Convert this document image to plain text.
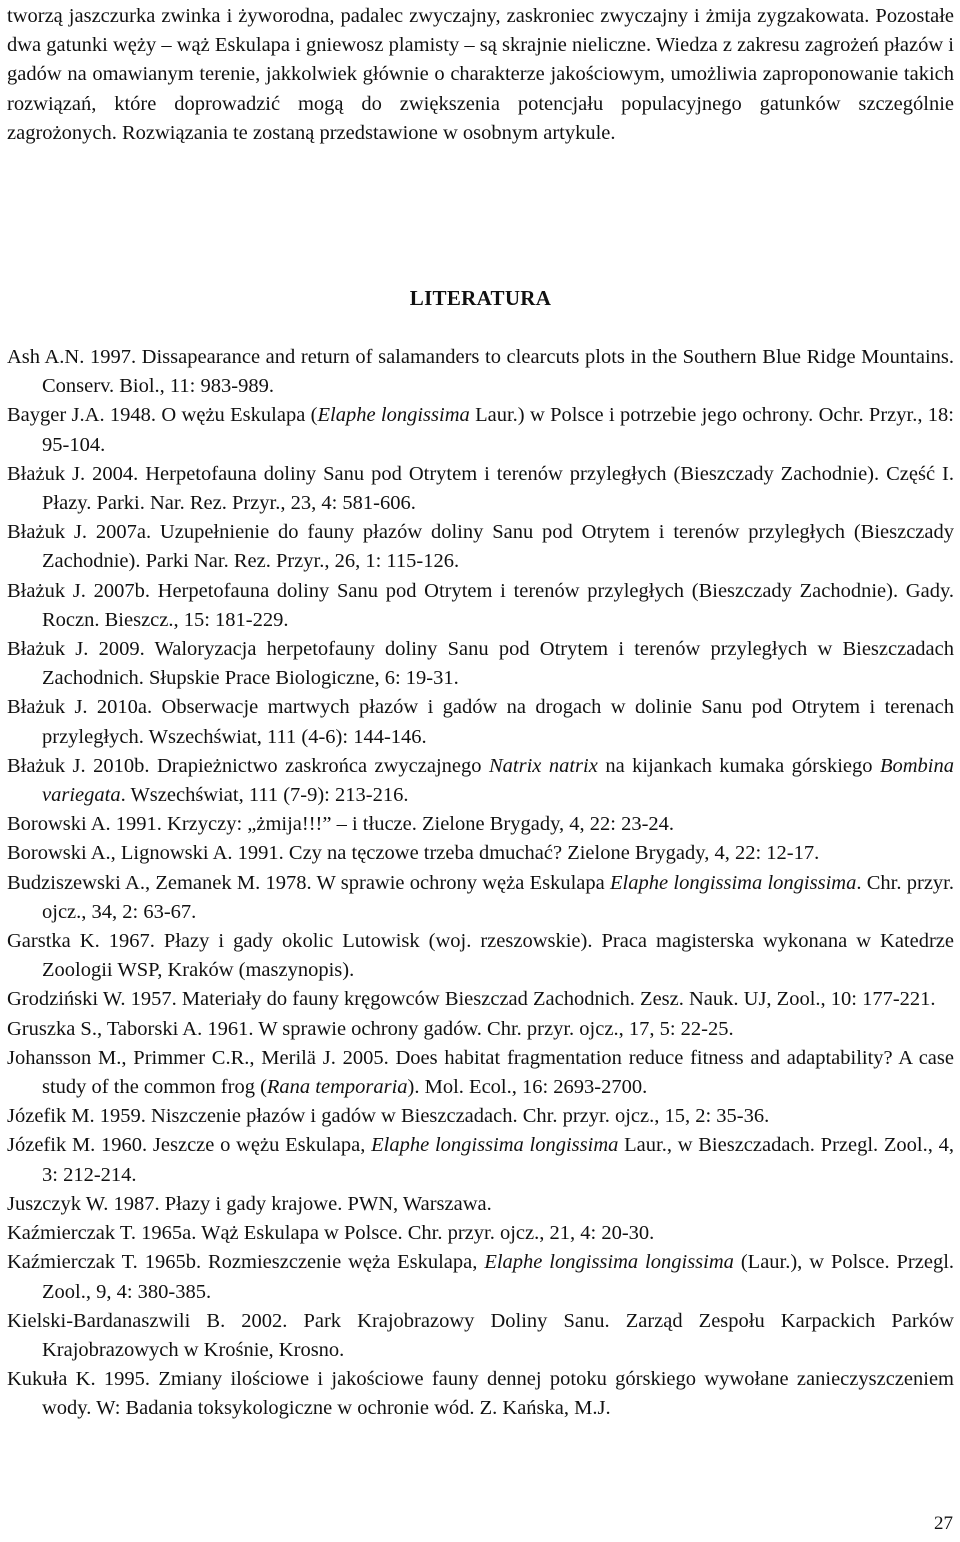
tworzą jaszczurka zwinka i żyworodna, padalec zwyczajny, zaskroniec zwyczajny i żmija zygzakowata. Pozostałe dwa gatunki węży – wąż Eskulapa i gniewosz plamisty – są skrajnie nieliczne. Wiedza z zakresu zagrożeń płazów i gadów na omawianym terenie, jakkolwiek głównie o charakterze jakościowym, umożliwia zaproponowanie takich rozwiązań, które doprowadzić mogą do zwiększenia potencjału populacyjnego gatunków szczególnie zagrożonych. Rozwiązania te zostaną przedstawione w osobnym artykule.

LITERATURA
Ash A.N. 1997. Dissapearance and return of salamanders to clearcuts plots in the Southern Blue Ridge Mountains. Conserv. Biol., 11: 983-989.
Bayger J.A. 1948. O wężu Eskulapa (Elaphe longissima Laur.) w Polsce i potrzebie jego ochrony. Ochr. Przyr., 18: 95-104.
Błażuk J. 2004. Herpetofauna doliny Sanu pod Otrytem i terenów przyległych (Bieszczady Zachodnie). Część I. Płazy. Parki. Nar. Rez. Przyr., 23, 4: 581-606.
Błażuk J. 2007a. Uzupełnienie do fauny płazów doliny Sanu pod Otrytem i terenów przyległych (Bieszczady Zachodnie). Parki Nar. Rez. Przyr., 26, 1: 115-126.
Błażuk J. 2007b. Herpetofauna doliny Sanu pod Otrytem i terenów przyległych (Bieszczady Zachodnie). Gady. Roczn. Bieszcz., 15: 181-229.
Błażuk J. 2009. Waloryzacja herpetofauny doliny Sanu pod Otrytem i terenów przyległych w Bieszczadach Zachodnich. Słupskie Prace Biologiczne, 6: 19-31.
Błażuk J. 2010a. Obserwacje martwych płazów i gadów na drogach w dolinie Sanu pod Otrytem i terenach przyległych. Wszechświat, 111 (4-6): 144-146.
Błażuk J. 2010b. Drapieżnictwo zaskrońca zwyczajnego Natrix natrix na kijankach kumaka górskiego Bombina variegata. Wszechświat, 111 (7-9): 213-216.
Borowski A. 1991. Krzyczy: „żmija!!!” – i tłucze. Zielone Brygady, 4, 22: 23-24.
Borowski A., Lignowski A. 1991. Czy na tęczowe trzeba dmuchać? Zielone Brygady, 4, 22: 12-17.
Budziszewski A., Zemanek M. 1978. W sprawie ochrony węża Eskulapa Elaphe longissima longissima. Chr. przyr. ojcz., 34, 2: 63-67.
Garstka K. 1967. Płazy i gady okolic Lutowisk (woj. rzeszowskie). Praca magisterska wykonana w Katedrze Zoologii WSP, Kraków (maszynopis).
Grodziński W. 1957. Materiały do fauny kręgowców Bieszczad Zachodnich. Zesz. Nauk. UJ, Zool., 10: 177-221.
Gruszka S., Taborski A. 1961. W sprawie ochrony gadów. Chr. przyr. ojcz., 17, 5: 22-25.
Johansson M., Primmer C.R., Merilä J. 2005. Does habitat fragmentation reduce fitness and adaptability? A case study of the common frog (Rana temporaria). Mol. Ecol., 16: 2693-2700.
Józefik M. 1959. Niszczenie płazów i gadów w Bieszczadach. Chr. przyr. ojcz., 15, 2: 35-36.
Józefik M. 1960. Jeszcze o wężu Eskulapa, Elaphe longissima longissima Laur., w Bieszczadach. Przegl. Zool., 4, 3: 212-214.
Juszczyk W. 1987. Płazy i gady krajowe. PWN, Warszawa.
Kaźmierczak T. 1965a. Wąż Eskulapa w Polsce. Chr. przyr. ojcz., 21, 4: 20-30.
Kaźmierczak T. 1965b. Rozmieszczenie węża Eskulapa, Elaphe longissima longissima (Laur.), w Polsce. Przegl. Zool., 9, 4: 380-385.
Kielski-Bardanaszwili B. 2002. Park Krajobrazowy Doliny Sanu. Zarząd Zespołu Karpackich Parków Krajobrazowych w Krośnie, Krosno.
Kukuła K. 1995. Zmiany ilościowe i jakościowe fauny dennej potoku górskiego wywołane zanieczyszczeniem wody. W: Badania toksykologiczne w ochronie wód. Z. Kańska, M.J.
27
